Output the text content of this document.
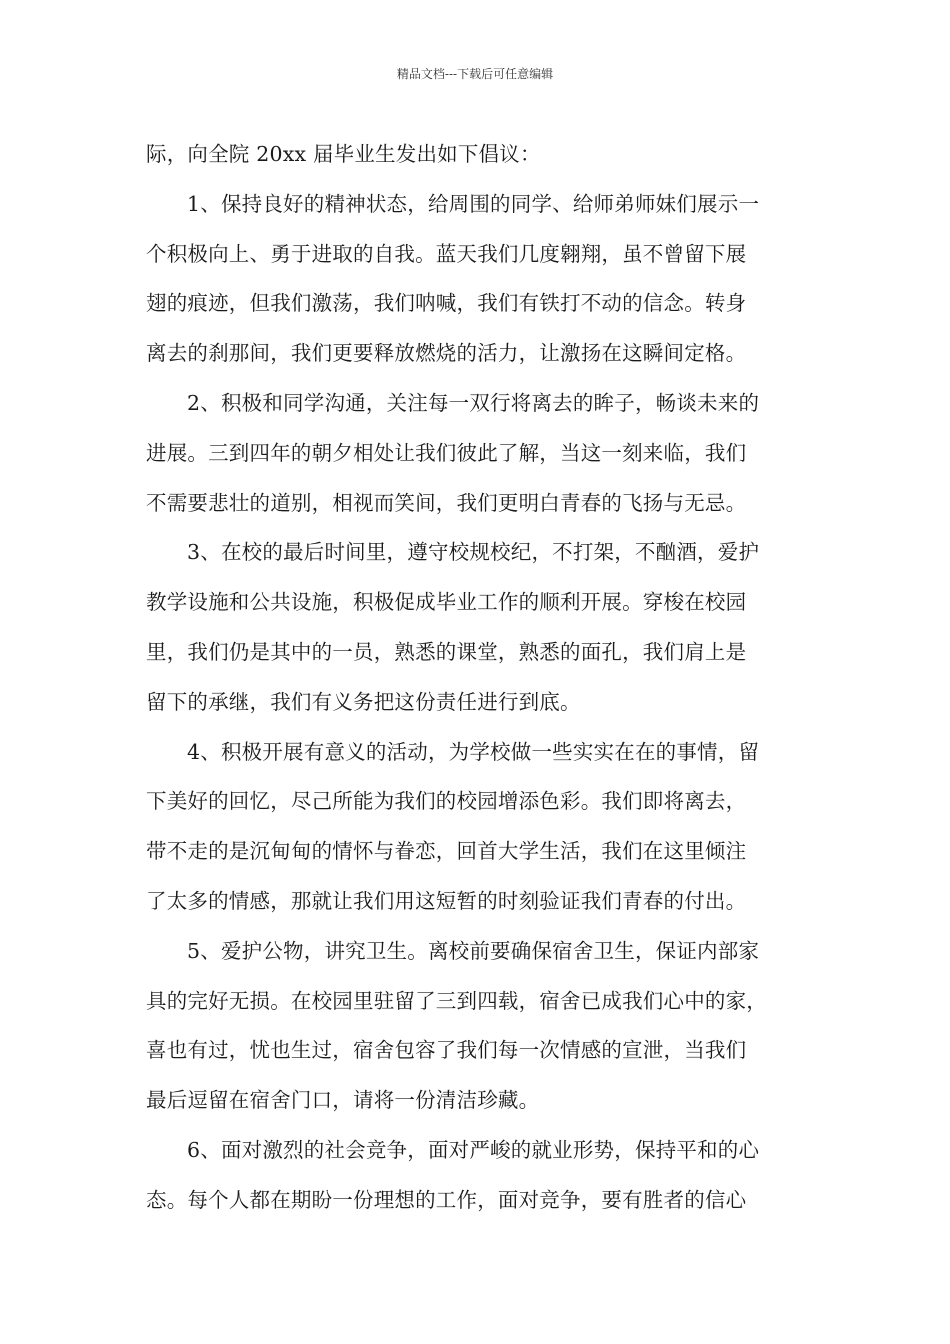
精品文档---下载后可任意编辑
际，向全院 20xx 届毕业生发出如下倡议：
1、保持良好的精神状态，给周围的同学、给师弟师妹们展示一
个积极向上、勇于进取的自我。蓝天我们几度翱翔，虽不曾留下展
翅的痕迹，但我们激荡，我们呐喊，我们有铁打不动的信念。转身
离去的刹那间，我们更要释放燃烧的活力，让激扬在这瞬间定格。
2、积极和同学沟通，关注每一双行将离去的眸子，畅谈未来的
进展。三到四年的朝夕相处让我们彼此了解，当这一刻来临，我们
不需要悲壮的道别，相视而笑间，我们更明白青春的飞扬与无忌。
3、在校的最后时间里，遵守校规校纪，不打架，不酗酒，爱护
教学设施和公共设施，积极促成毕业工作的顺利开展。穿梭在校园
里，我们仍是其中的一员，熟悉的课堂，熟悉的面孔，我们肩上是
留下的承继，我们有义务把这份责任进行到底。
4、积极开展有意义的活动，为学校做一些实实在在的事情，留
下美好的回忆，尽己所能为我们的校园增添色彩。我们即将离去，
带不走的是沉甸甸的情怀与眷恋，回首大学生活，我们在这里倾注
了太多的情感，那就让我们用这短暂的时刻验证我们青春的付出。
5、爱护公物，讲究卫生。离校前要确保宿舍卫生，保证内部家
具的完好无损。在校园里驻留了三到四载，宿舍已成我们心中的家，
喜也有过，忧也生过，宿舍包容了我们每一次情感的宣泄，当我们
最后逗留在宿舍门口，请将一份清洁珍藏。
6、面对激烈的社会竞争，面对严峻的就业形势，保持平和的心
态。每个人都在期盼一份理想的工作，面对竞争，要有胜者的信心
